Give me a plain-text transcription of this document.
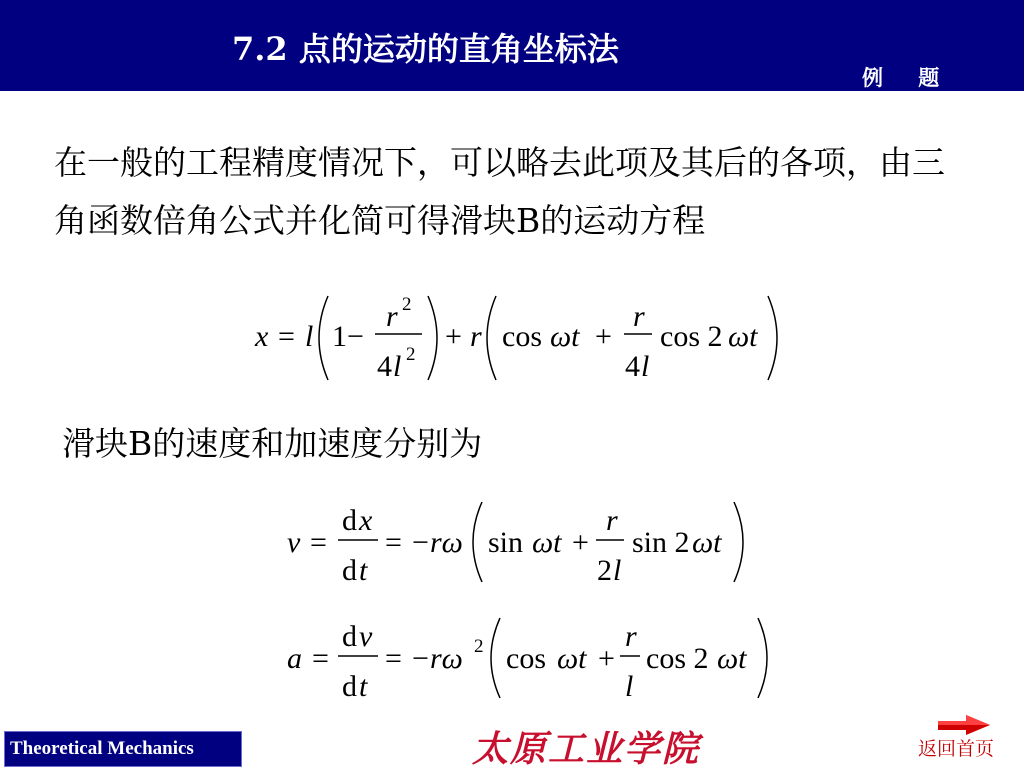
7.2 点的运动的直角坐标法
例 题
在一般的工程精度情况下，可以略去此项及其后的各项，由三角函数倍角公式并化简可得滑块B的运动方程
x = l 1−
r 2
4 l 2
+ r cos ωt +
r
4 l
cos 2 ωt
滑块B的速度和加速度分别为
v =
d x
d t
= − rω sin ωt +
r
2 l
sin 2 ωt
a =
d v
d t
= − rω 2 cos ωt +
r
l
cos 2 ωt
Theoretical Mechanics	太原工业学院	返回首页
